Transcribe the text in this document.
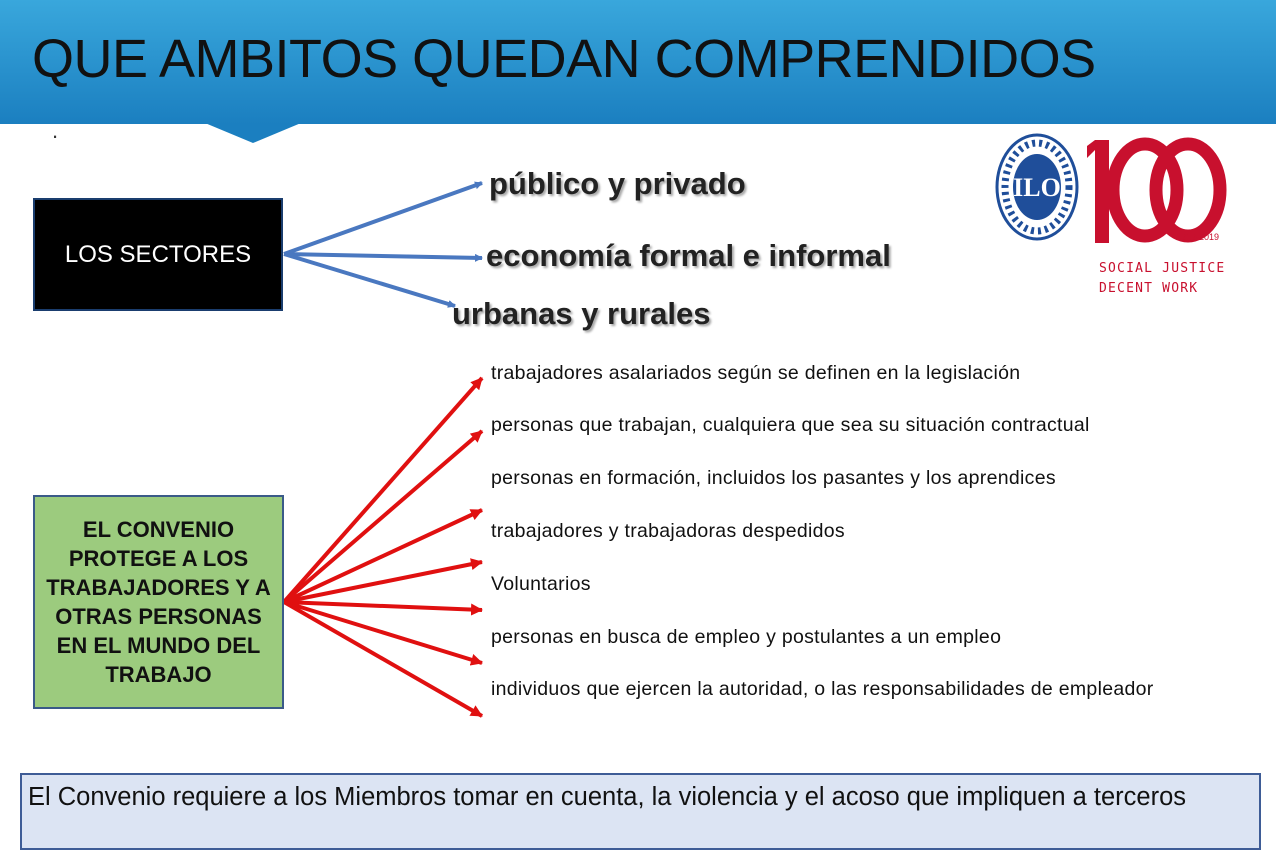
QUE AMBITOS QUEDAN COMPRENDIDOS
.
LOS SECTORES
público y privado
economía formal e informal
urbanas y rurales
EL CONVENIO PROTEGE A LOS TRABAJADORES Y A OTRAS PERSONAS EN EL MUNDO DEL TRABAJO
trabajadores asalariados según se definen en la legislación
personas que trabajan, cualquiera que sea su situación contractual
personas en formación, incluidos los pasantes y los aprendices
trabajadores y trabajadoras despedidos
Voluntarios
personas en busca de empleo y postulantes a un empleo
individuos que ejercen la autoridad, o las responsabilidades de empleador
ILO
1919-2019
SOCIAL JUSTICE
DECENT WORK
El Convenio requiere a los Miembros tomar en cuenta, la violencia y el acoso que impliquen a terceros
